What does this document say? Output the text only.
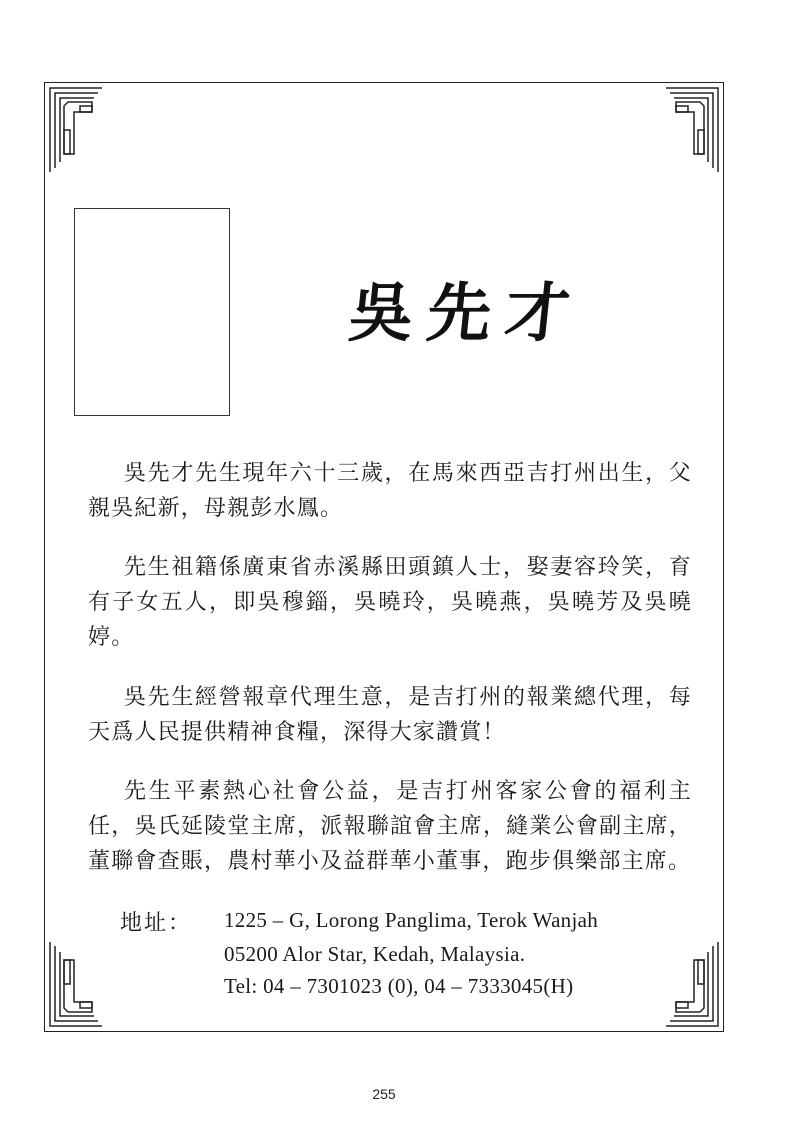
吳先才

吳先才先生現年六十三歲，在馬來西亞吉打州出生，父親吳紀新，母親彭水鳳。

先生祖籍係廣東省赤溪縣田頭鎮人士，娶妻容玲笑，育有子女五人，即吳穆錙，吳曉玲，吳曉燕，吳曉芳及吳曉婷。

吳先生經營報章代理生意，是吉打州的報業總代理，每天爲人民提供精神食糧，深得大家讚賞！

先生平素熱心社會公益，是吉打州客家公會的福利主任，吳氏延陵堂主席，派報聯誼會主席，縫業公會副主席，董聯會查賬，農村華小及益群華小董事，跑步俱樂部主席。

地址： 1225 – G, Lorong Panglima, Terok Wanjah
05200 Alor Star, Kedah, Malaysia.
Tel: 04 – 7301023 (0), 04 – 7333045(H)
255
